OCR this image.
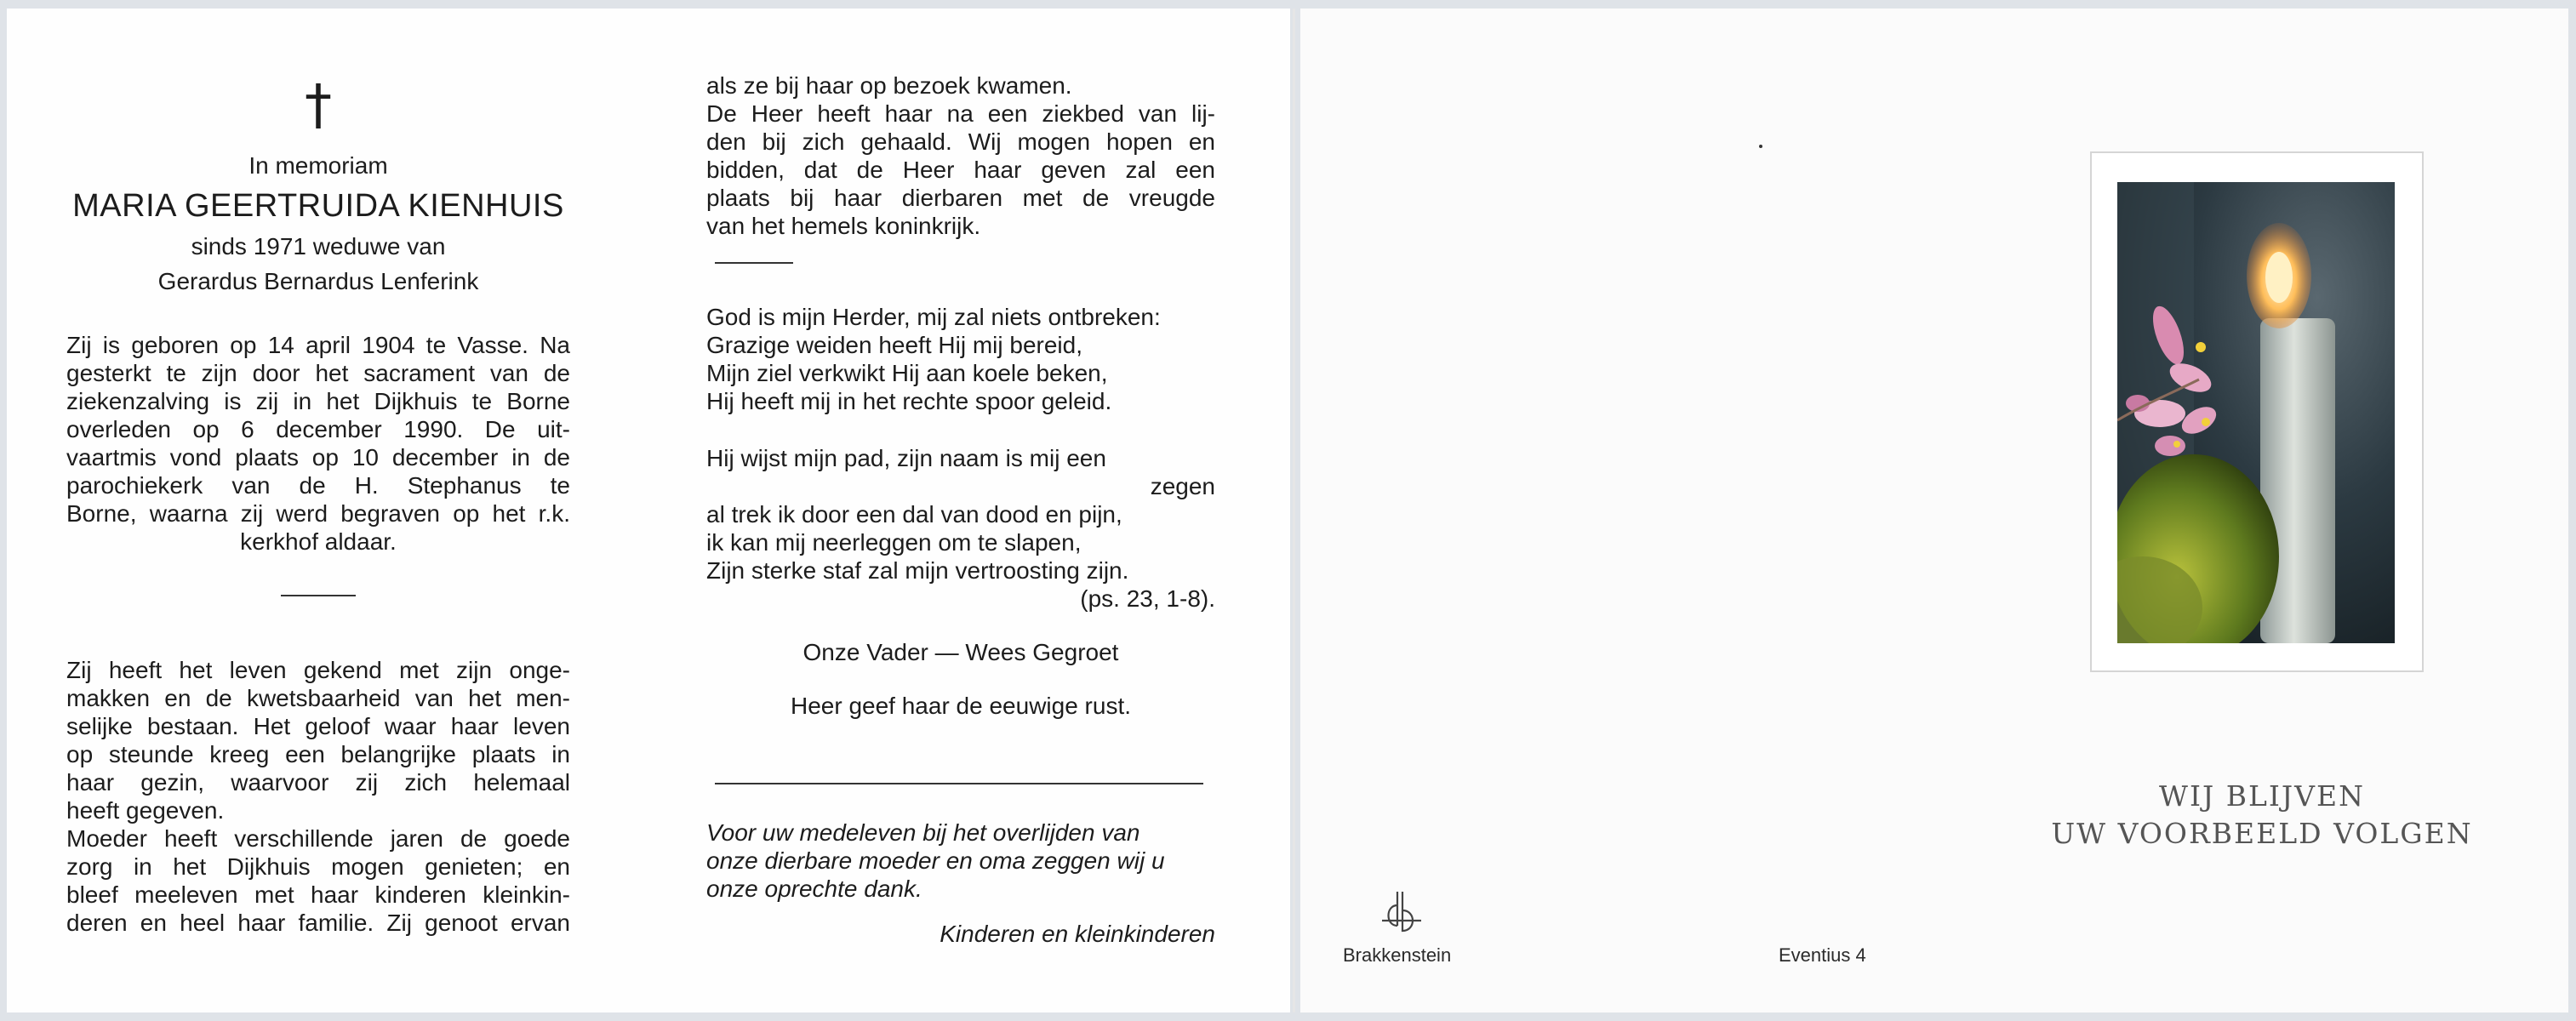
†
In memoriam
MARIA GEERTRUIDA KIENHUIS
sinds 1971 weduwe van
Gerardus Bernardus Lenferink
Zij is geboren op 14 april 1904 te Vasse. Na
gesterkt te zijn door het sacrament van de
ziekenzalving is zij in het Dijkhuis te Borne
overleden op 6 december 1990. De uit-
vaartmis vond plaats op 10 december in de
parochiekerk van de H. Stephanus te
Borne, waarna zij werd begraven op het r.k.
kerkhof aldaar.
Zij heeft het leven gekend met zijn onge-
makken en de kwetsbaarheid van het men-
selijke bestaan. Het geloof waar haar leven
op steunde kreeg een belangrijke plaats in
haar gezin, waarvoor zij zich helemaal
heeft gegeven.
Moeder heeft verschillende jaren de goede
zorg in het Dijkhuis mogen genieten; en
bleef meeleven met haar kinderen kleinkin-
deren en heel haar familie. Zij genoot ervan
als ze bij haar op bezoek kwamen.
De Heer heeft haar na een ziekbed van lij-
den bij zich gehaald. Wij mogen hopen en
bidden, dat de Heer haar geven zal een
plaats bij haar dierbaren met de vreugde
van het hemels koninkrijk.
God is mijn Herder, mij zal niets ontbreken:
Grazige weiden heeft Hij mij bereid,
Mijn ziel verkwikt Hij aan koele beken,
Hij heeft mij in het rechte spoor geleid.
Hij wijst mijn pad, zijn naam is mij een
zegen
al trek ik door een dal van dood en pijn,
ik kan mij neerleggen om te slapen,
Zijn sterke staf zal mijn vertroosting zijn.
(ps. 23, 1-8).
Onze Vader — Wees Gegroet
Heer geef haar de eeuwige rust.
Voor uw medeleven bij het overlijden van
onze dierbare moeder en oma zeggen wij u
onze oprechte dank.
Kinderen en kleinkinderen
Brakkenstein	Eventius 4
WIJ BLIJVEN
UW VOORBEELD VOLGEN
